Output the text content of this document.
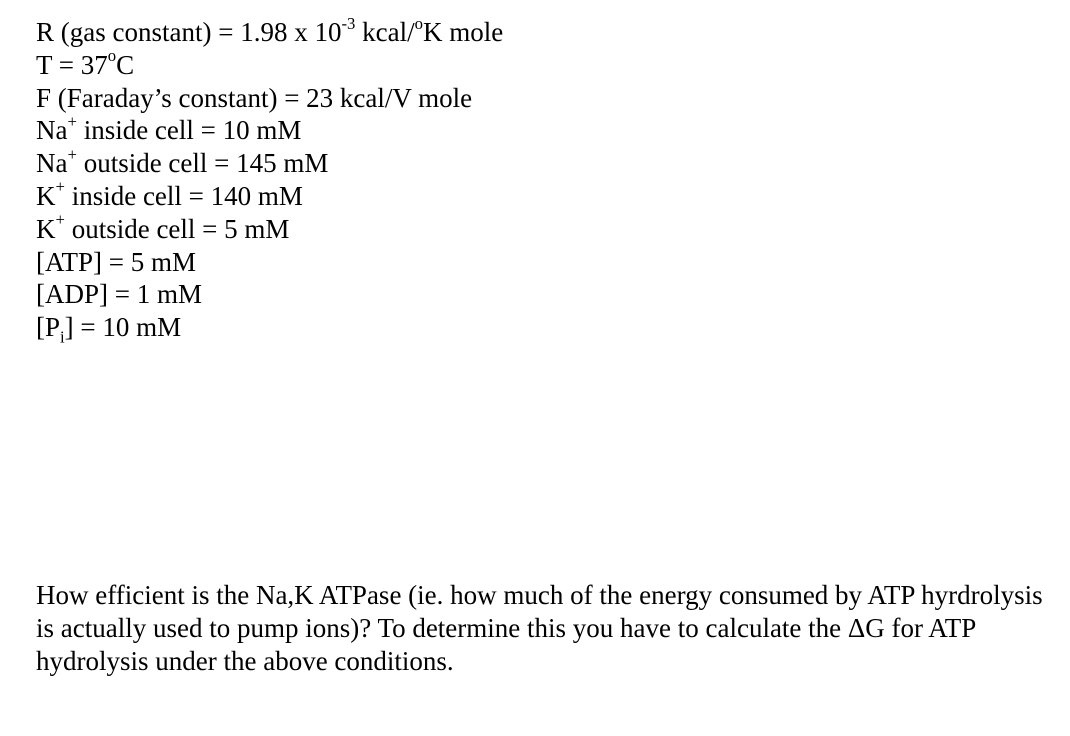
R (gas constant) = 1.98 x $10^{-3}$ kcal/$^o$K mole
$T = 37^oC$
F (Faraday’s constant) = 23 kcal/V mole
Na+ inside cell = 10 mM
Na+ outside cell = 145 mM
K+ inside cell = 140 mM
K+ outside cell = 5 mM
[ATP] = 5 mM
[ADP] = 1 mM
$[P_i] = 10$ mM
How efficient is the Na,K ATPase (ie. how much of the energy consumed by ATP hyrdrolysis is actually used to pump ions)? To determine this you have to calculate the ΔG for ATP hydrolysis under the above conditions.
